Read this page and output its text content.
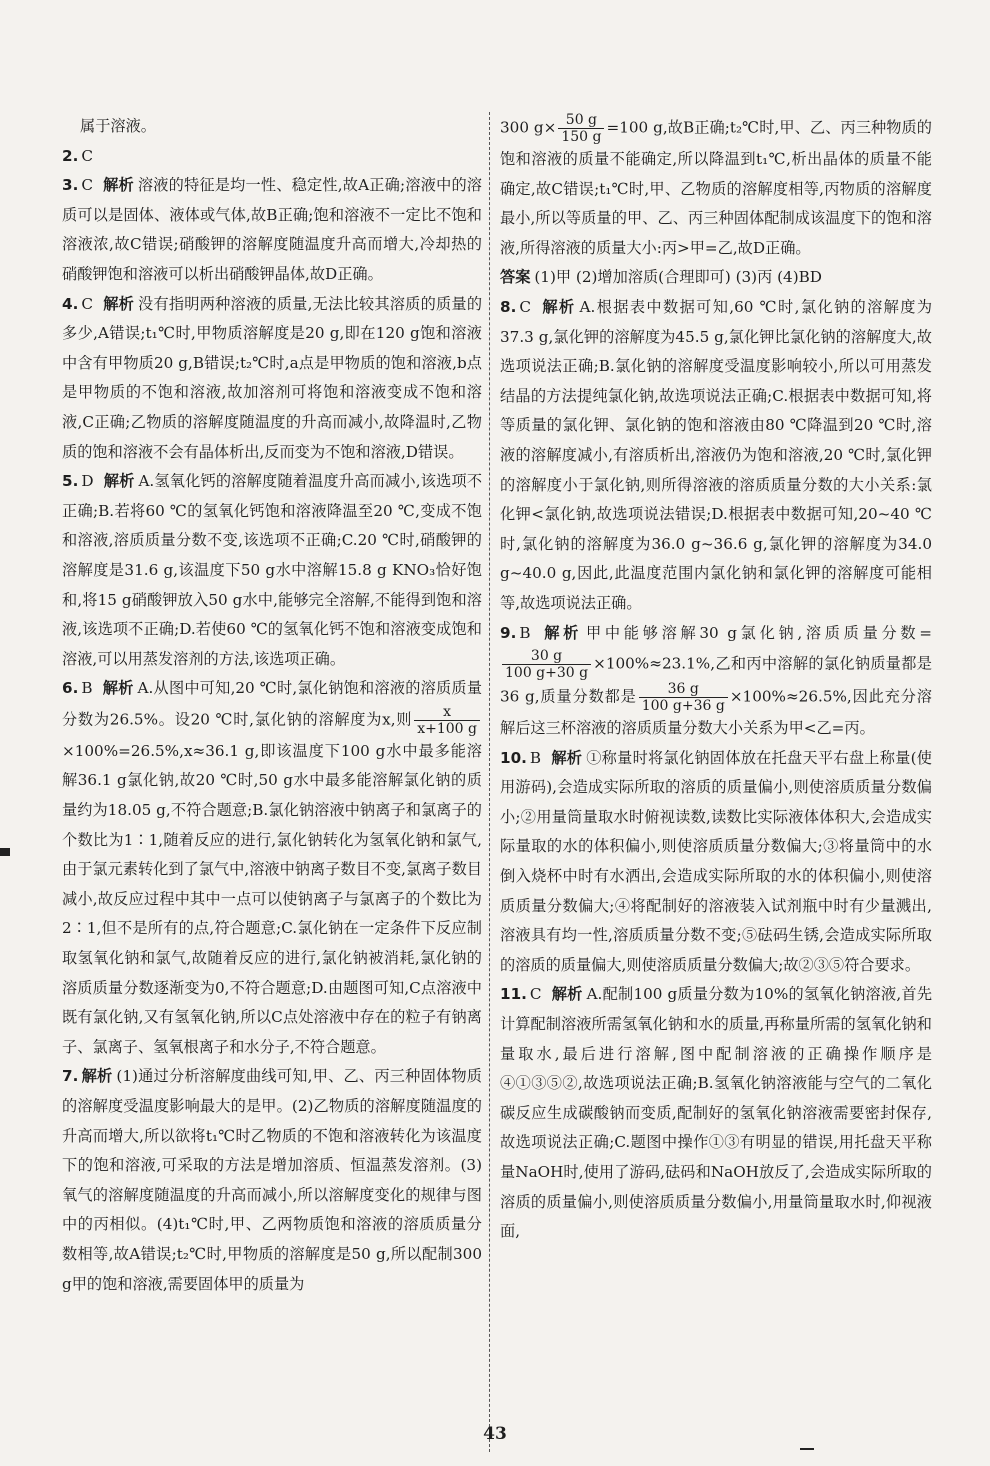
属于溶液。

2. C

3. C 解析 溶液的特征是均一性、稳定性,故A正确;溶液中的溶质可以是固体、液体或气体,故B正确;饱和溶液不一定比不饱和溶液浓,故C错误;硝酸钾的溶解度随温度升高而增大,冷却热的硝酸钾饱和溶液可以析出硝酸钾晶体,故D正确。

4. C 解析 没有指明两种溶液的质量,无法比较其溶质的质量的多少,A错误;t₁℃时,甲物质溶解度是20 g,即在120 g饱和溶液中含有甲物质20 g,B错误;t₂℃时,a点是甲物质的饱和溶液,b点是甲物质的不饱和溶液,故加溶剂可将饱和溶液变成不饱和溶液,C正确;乙物质的溶解度随温度的升高而减小,故降温时,乙物质的饱和溶液不会有晶体析出,反而变为不饱和溶液,D错误。

5. D 解析 A.氢氧化钙的溶解度随着温度升高而减小,该选项不正确;B.若将60 ℃的氢氧化钙饱和溶液降温至20 ℃,变成不饱和溶液,溶质质量分数不变,该选项不正确;C.20 ℃时,硝酸钾的溶解度是31.6 g,该温度下50 g水中溶解15.8 g KNO₃恰好饱和,将15 g硝酸钾放入50 g水中,能够完全溶解,不能得到饱和溶液,该选项不正确;D.若使60 ℃的氢氧化钙不饱和溶液变成饱和溶液,可以用蒸发溶剂的方法,该选项正确。

6. B 解析 A.从图中可知,20 ℃时,氯化钠饱和溶液的溶质质量分数为26.5%。设20 ℃时,氯化钠的溶解度为x,则 $\frac{x}{x+100 g}$
×100%=26.5%,x≈36.1 g,即该温度下100 g水中最多能溶解36.1 g氯化钠,故20 ℃时,50 g水中最多能溶解氯化钠的质量约为18.05 g,不符合题意;B.氯化钠溶液中钠离子和氯离子的个数比为1∶1,随着反应的进行,氯化钠转化为氢氧化钠和氯气,由于氯元素转化到了氯气中,溶液中钠离子数目不变,氯离子数目减小,故反应过程中其中一点可以使钠离子与氯离子的个数比为2∶1,但不是所有的点,符合题意;C.氯化钠在一定条件下反应制取氢氧化钠和氯气,故随着反应的进行,氯化钠被消耗,氯化钠的溶质质量分数逐渐变为0,不符合题意;D.由题图可知,C点溶液中既有氯化钠,又有氢氧化钠,所以C点处溶液中存在的粒子有钠离子、氯离子、氢氧根离子和水分子,不符合题意。

7. 解析 (1)通过分析溶解度曲线可知,甲、乙、丙三种固体物质的溶解度受温度影响最大的是甲。(2)乙物质的溶解度随温度的升高而增大,所以欲将t₁℃时乙物质的不饱和溶液转化为该温度下的饱和溶液,可采取的方法是增加溶质、恒温蒸发溶剂。(3)氧气的溶解度随温度的升高而减小,所以溶解度变化的规律与图中的丙相似。(4)t₁℃时,甲、乙两物质饱和溶液的溶质质量分数相等,故A错误;t₂℃时,甲物质的溶解度是50 g,所以配制300 g甲的饱和溶液,需要固体甲的质量为

300 $g\times \frac{50 g}{150 g} =100$ g,故B正确;t₂℃时,甲、乙、丙三种物质的饱和溶液的质量不能确定,所以降温到t₁℃,析出晶体的质量不能确定,故C错误;t₁℃时,甲、乙物质的溶解度相等,丙物质的溶解度最小,所以等质量的甲、乙、丙三种固体配制成该温度下的饱和溶液,所得溶液的质量大小:丙>甲=乙,故D正确。

答案 (1)甲 (2)增加溶质(合理即可) (3)丙 (4)BD

8. C 解析 A.根据表中数据可知,60 ℃时,氯化钠的溶解度为37.3 g,氯化钾的溶解度为45.5 g,氯化钾比氯化钠的溶解度大,故选项说法正确;B.氯化钠的溶解度受温度影响较小,所以可用蒸发结晶的方法提纯氯化钠,故选项说法正确;C.根据表中数据可知,将等质量的氯化钾、氯化钠的饱和溶液由80 ℃降温到20 ℃时,溶液的溶解度减小,有溶质析出,溶液仍为饱和溶液,20 ℃时,氯化钾的溶解度小于氯化钠,则所得溶液的溶质质量分数的大小关系:氯化钾<氯化钠,故选项说法错误;D.根据表中数据可知,20~40 ℃时,氯化钠的溶解度为36.0 g~36.6 g,氯化钾的溶解度为34.0 g~40.0 g,因此,此温度范围内氯化钠和氯化钾的溶解度可能相等,故选项说法正确。

9. B 解析 甲中能够溶解30 g氯化钠,溶质质量分数=
$\frac{30 g}{100 g+30 g} \times 100\%\approx 23.1\%$,乙和丙中溶解的氯化钠质量都是36 g,质量分数都是 $\frac{36 g}{100 g+36 g} \times 100\%\approx 26.5\%$,因此充分溶解后这三杯溶液的溶质质量分数大小关系为甲<乙=丙。

10. B 解析 ①称量时将氯化钠固体放在托盘天平右盘上称量(使用游码),会造成实际所取的溶质的质量偏小,则使溶质质量分数偏小;②用量筒量取水时俯视读数,读数比实际液体体积大,会造成实际量取的水的体积偏小,则使溶质质量分数偏大;③将量筒中的水倒入烧杯中时有水洒出,会造成实际所取的水的体积偏小,则使溶质质量分数偏大;④将配制好的溶液装入试剂瓶中时有少量溅出,溶液具有均一性,溶质质量分数不变;⑤砝码生锈,会造成实际所取的溶质的质量偏大,则使溶质质量分数偏大;故②③⑤符合要求。

11. C 解析 A.配制100 g质量分数为10%的氢氧化钠溶液,首先计算配制溶液所需氢氧化钠和水的质量,再称量所需的氢氧化钠和量取水,最后进行溶解,图中配制溶液的正确操作顺序是④①③⑤②,故选项说法正确;B.氢氧化钠溶液能与空气的二氧化碳反应生成碳酸钠而变质,配制好的氢氧化钠溶液需要密封保存,故选项说法正确;C.题图中操作①③有明显的错误,用托盘天平称量NaOH时,使用了游码,砝码和NaOH放反了,会造成实际所取的溶质的质量偏小,则使溶质质量分数偏小,用量筒量取水时,仰视液面,

43
